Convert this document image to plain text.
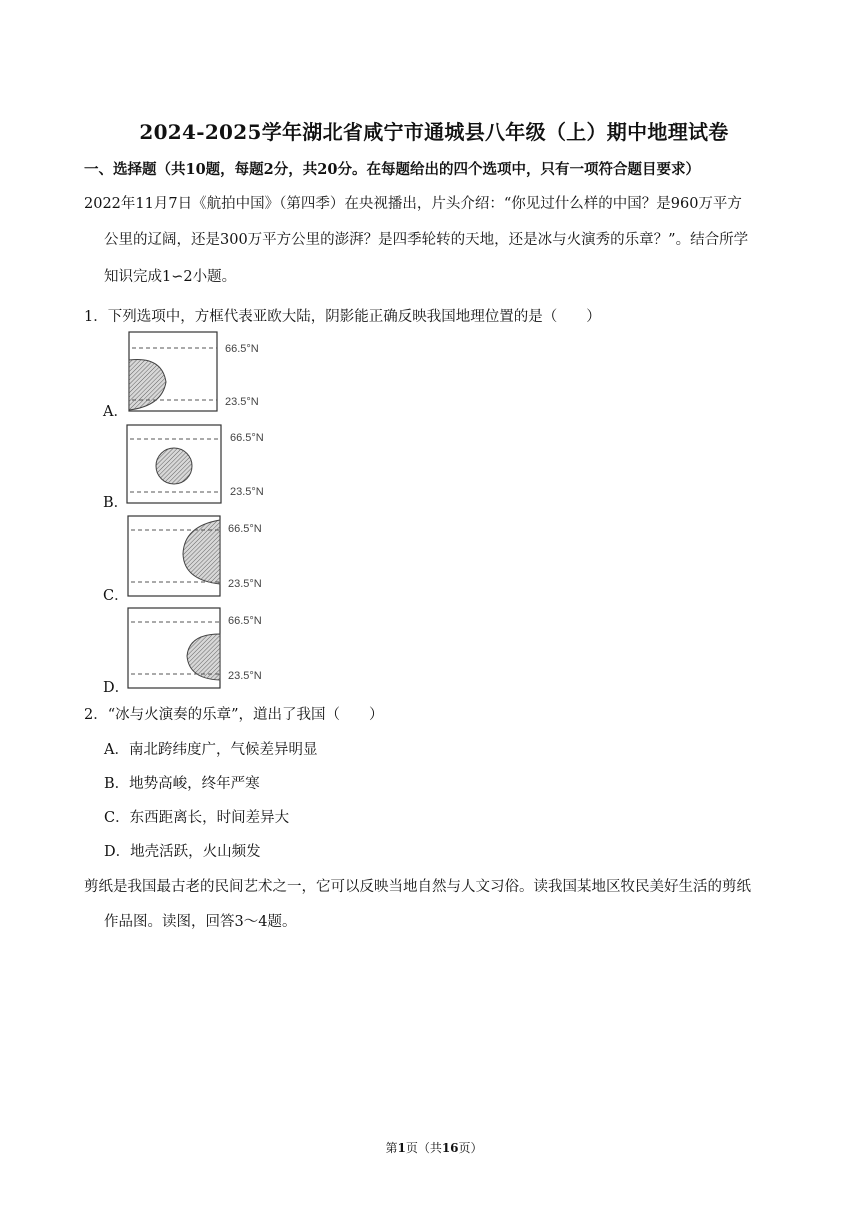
2024-2025学年湖北省咸宁市通城县八年级（上）期中地理试卷
一、选择题（共10题，每题2分，共20分。在每题给出的四个选项中，只有一项符合题目要求）
2022年11月7日《航拍中国》（第四季）在央视播出，片头介绍：“你见过什么样的中国？是960万平方
公里的辽阔，还是300万平方公里的澎湃？是四季轮转的天地，还是冰与火演秀的乐章？”。结合所学
知识完成1∽2小题。
1．下列选项中，方框代表亚欧大陆，阴影能正确反映我国地理位置的是（　　）
A．
66.5°N
23.5°N
B．
66.5°N
23.5°N
C．
66.5°N
23.5°N
D．
66.5°N
23.5°N
2．“冰与火演奏的乐章”，道出了我国（　　）
A．南北跨纬度广，气候差异明显
B．地势高峻，终年严寒
C．东西距离长，时间差异大
D．地壳活跃，火山频发
剪纸是我国最古老的民间艺术之一，它可以反映当地自然与人文习俗。读我国某地区牧民美好生活的剪纸
作品图。读图，回答3～4题。
第1页（共16页）
